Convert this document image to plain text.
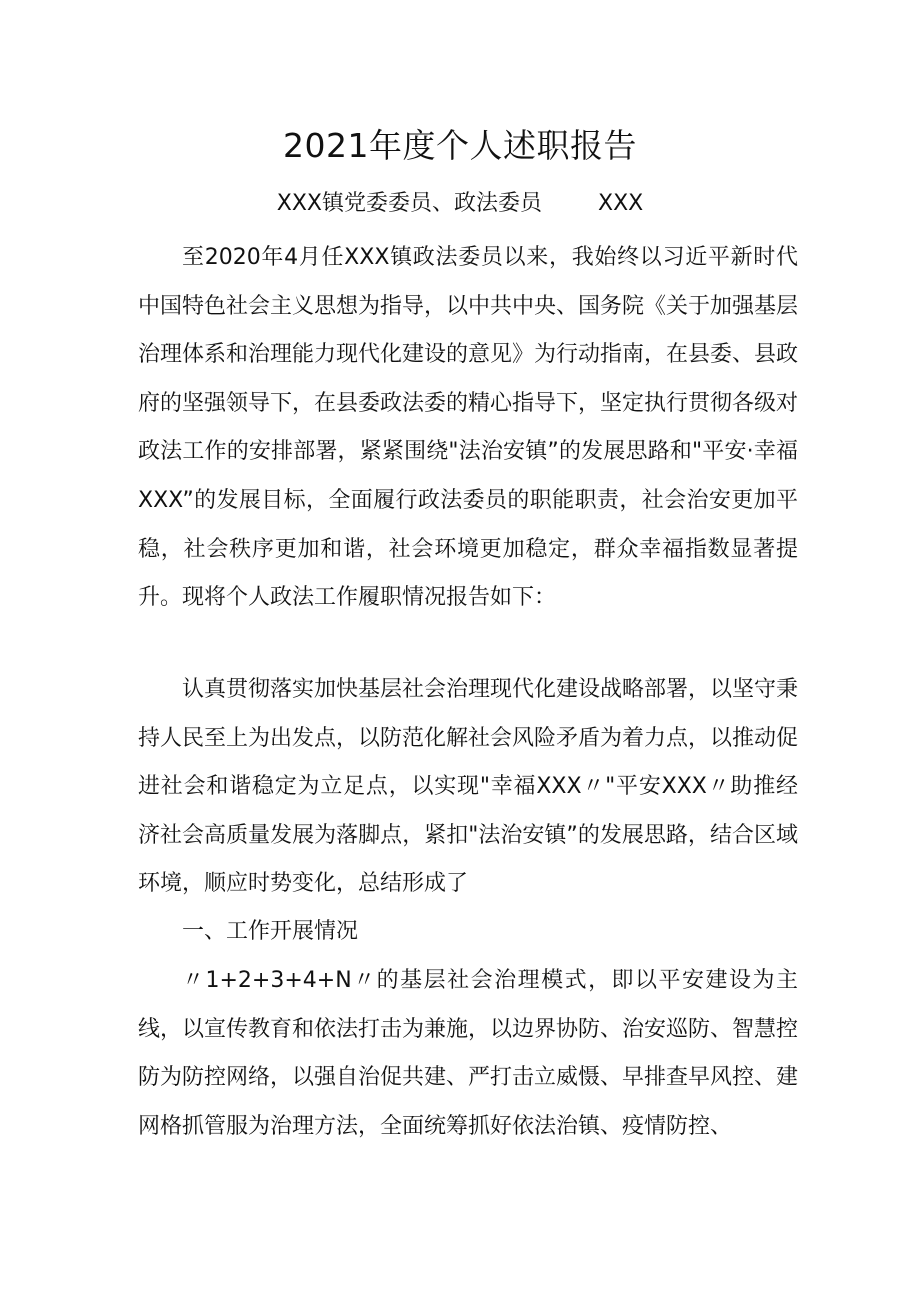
2021年度个人述职报告
XXX镇党委委员、政法委员	XXX

至2020年4月任XXX镇政法委员以来，我始终以习近平新时代中国特色社会主义思想为指导，以中共中央、国务院《关于加强基层治理体系和治理能力现代化建设的意见》为行动指南，在县委、县政府的坚强领导下，在县委政法委的精心指导下，坚定执行贯彻各级对政法工作的安排部署，紧紧围绕"法治安镇”的发展思路和"平安·幸福XXX”的发展目标，全面履行政法委员的职能职责，社会治安更加平稳，社会秩序更加和谐，社会环境更加稳定，群众幸福指数显著提升。现将个人政法工作履职情况报告如下：

认真贯彻落实加快基层社会治理现代化建设战略部署，以坚守秉持人民至上为出发点，以防范化解社会风险矛盾为着力点，以推动促进社会和谐稳定为立足点，以实现"幸福XXX〃"平安XXX〃助推经济社会高质量发展为落脚点，紧扣"法治安镇”的发展思路，结合区域环境，顺应时势变化，总结形成了

一、工作开展情况

〃1+2+3+4+N〃的基层社会治理模式，即以平安建设为主线，以宣传教育和依法打击为兼施，以边界协防、治安巡防、智慧控防为防控网络，以强自治促共建、严打击立威慑、早排查早风控、建网格抓管服为治理方法，全面统筹抓好依法治镇、疫情防控、
